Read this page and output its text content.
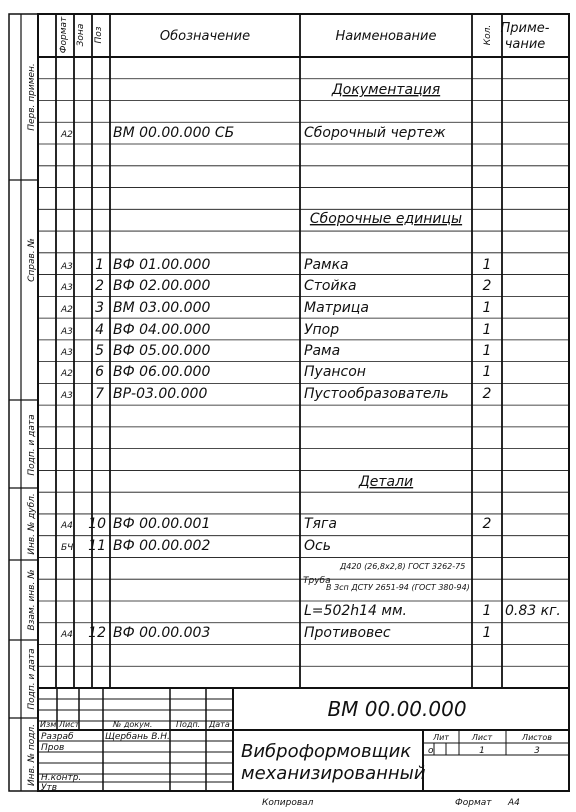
Перв. примен.
Справ. №
Подп. и дата
Инв. № дубл.
Взам. инв. №
Подп. и дата
Инв. № подл.
Формат Зона Поз	Обозначение	Наименование	Кол. Приме-
чание
Документация
Сборочные единицы
Детали
А2	ВМ 00.00.000 СБ	Сборочный чертеж
А3 1 ВФ 01.00.000	Рамка	1
А3 2 ВФ 02.00.000	Стойка	2
А2 3 ВМ 03.00.000	Матрица	1
А3 4 ВФ 04.00.000	Упор	1
А3 5 ВФ 05.00.000	Рама	1
А2 6 ВФ 06.00.000	Пуансон	1
А3 7 ВР-03.00.000	Пустообразователь 2
А4 10 ВФ 00.00.001	Тяга	2
БЧ 11 ВФ 00.00.002	Ось
Труба
Д420 (26,8х2,8) ГОСТ 3262-75
В Зсп ДСТУ 2651-94 (ГОСТ 380-94)
L=502h14 мм.	1 0.83 кг.
А4 12 ВФ 00.00.003	Противовес	1
Изм Лист	№ докум.	Подп. Дата
Разраб	Щербань В.Н.
Пров
Н.контр.
Утв
ВМ 00.00.000
Виброформовщик
механизированный
Лит	Лист	Листов
о	1	3
Копировал	Формат А4
